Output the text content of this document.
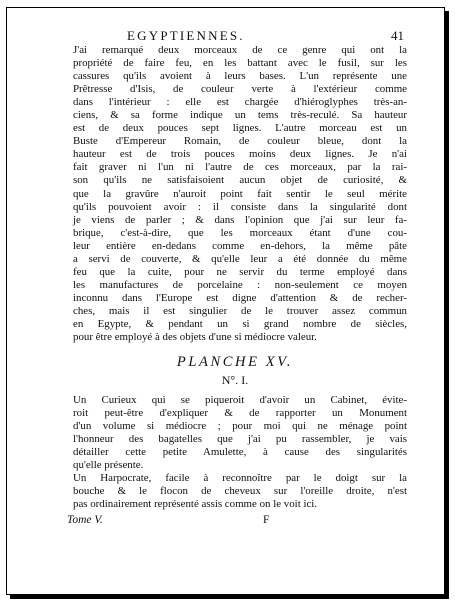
EGYPTIENNES.	41

J'ai remarqué deux morceaux de ce genre qui ont la
propriété de faire feu, en les battant avec le fusil, sur les
cassures qu'ils avoient à leurs bases. L'un représente une
Prêtresse d'Isis, de couleur verte à l'extérieur comme
dans l'intérieur : elle est chargée d'hiéroglyphes très-an-
ciens, & sa forme indique un tems très-reculé. Sa hauteur
est de deux pouces sept lignes. L'autre morceau est un
Buste d'Empereur Romain, de couleur bleue, dont la
hauteur est de trois pouces moins deux lignes. Je n'ai
fait graver ni l'un ni l'autre de ces morceaux, par la rai-
son qu'ils ne satisfaisoient aucun objet de curiosité, &
que la gravûre n'auroit point fait sentir le seul mérite
qu'ils pouvoient avoir : il consiste dans la singularité dont
je viens de parler ; & dans l'opinion que j'ai sur leur fa-
brique, c'est-à-dire, que les morceaux étant d'une cou-
leur entière en-dedans comme en-dehors, la même pâte
a servi de couverte, & qu'elle leur a été donnée du même
feu que la cuite, pour ne servir du terme employé dans
les manufactures de porcelaine : non-seulement ce moyen
inconnu dans l'Europe est digne d'attention & de recher-
ches, mais il est singulier de le trouver assez commun
en Egypte, & pendant un si grand nombre de siècles,
pour être employé à des objets d'une si médiocre valeur.

PLANCHE XV.
N°. I.

Un Curieux qui se piqueroit d'avoir un Cabinet, évite-
roit peut-être d'expliquer & de rapporter un Monument
d'un volume si médiocre ; pour moi qui ne ménage point
l'honneur des bagatelles que j'ai pu rassembler, je vais
détailler cette petite Amulette, à cause des singularités
qu'elle présente.

Un Harpocrate, facile à reconnoître par le doigt sur la
bouche & le flocon de cheveux sur l'oreille droite, n'est
pas ordinairement représenté assis comme on le voit ici.

Tome V.	F
